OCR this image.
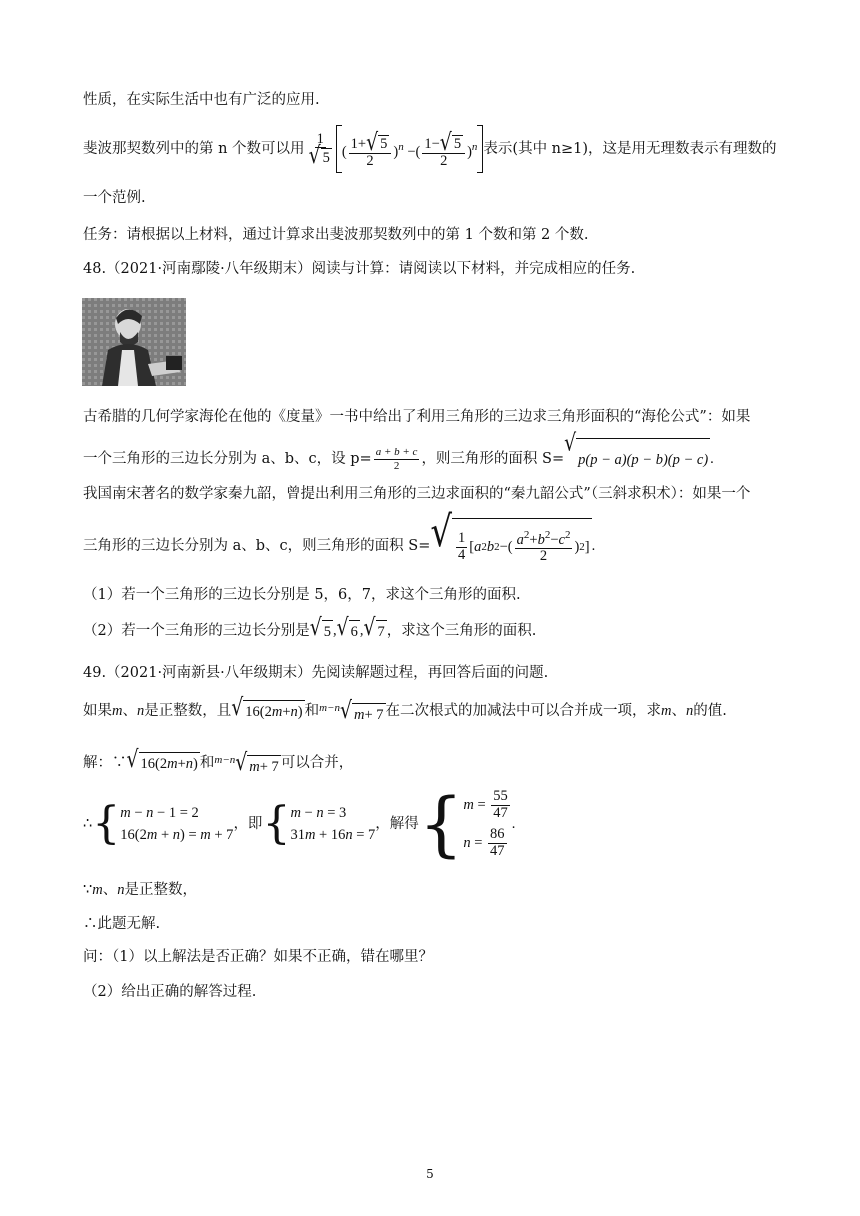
性质，在实际生活中也有广泛的应用.
斐波那契数列中的第 n 个数可以用 $\frac{1}{√ 5}$ ( $\frac{1+ √ 5}{2} )^n$ −( $\frac{1- √ 5}{2} )^n$ 表示(其中 n≥1)，这是用无理数表示有理数的
一个范例.
任务：请根据以上材料，通过计算求出斐波那契数列中的第 1 个数和第 2 个数.
48.（2021·河南鄢陵·八年级期末）阅读与计算：请阅读以下材料，并完成相应的任务.
古希腊的几何学家海伦在他的《度量》一书中给出了利用三角形的三边求三角形面积的“海伦公式”：如果
一个三角形的三边长分别为 a、b、c，设 $p= \frac{a + b + c}{2}$ ，则三角形的面积 S=
√
p(p − a)(p − b)(p − c) .
我国南宋著名的数学家秦九韶，曾提出利用三角形的三边求面积的“秦九韶公式”（三斜求积术）：如果一个
三角形的三边长分别为 a、b、c，则三角形的面积 S= √ $\frac{1}{4}$ [ a 2 b 2 −( $\frac{a^2+b^2-c^2}{2}$ ) 2 ] .
（1）若一个三角形的三边长分别是 5，6，7，求这个三角形的面积.
（2）若一个三角形的三边长分别是 √ 5 , √ 6 , √ 7 ，求这个三角形的面积.
49.（2021·河南新县·八年级期末）先阅读解题过程，再回答后面的问题.
如果 m 、 n 是正整数，且 √ 16(2 m + n ) 和 $^{m-n}$ √ m + 7 在二次根式的加减法中可以合并成一项，求 m 、 n 的值.
解：∵ √ 16(2 m + n ) 和 $^{m-n}$ √ m + 7 可以合并，
∴ { m − n − 1 = 2
16(2m + n) = m + 7
，即 { m − n = 3
31m + 16n = 7
，解得 { $m = \frac{55}{47}$
$n = \frac{86}{47}$
.
∵m、n是正整数，
∴此题无解.
问：（1）以上解法是否正确？如果不正确，错在哪里？
（2）给出正确的解答过程.
5
